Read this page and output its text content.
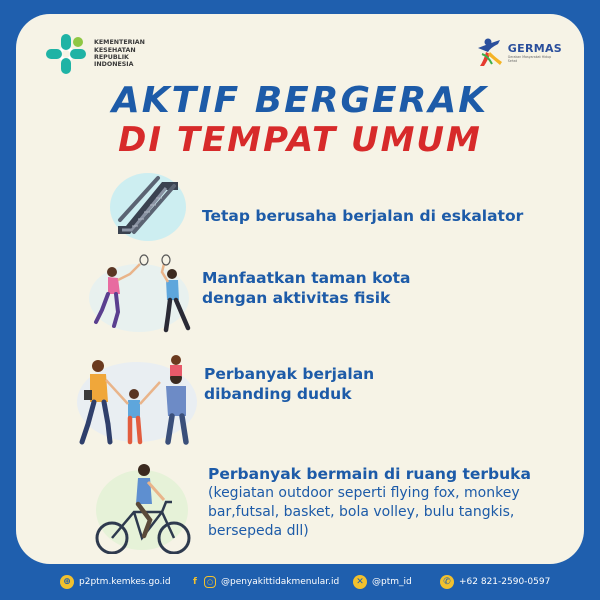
KEMENTERIAN
KESEHATAN
REPUBLIK
INDONESIA
GERMAS
Gerakan Masyarakat Hidup Sehat
AKTIF BERGERAK
DI TEMPAT UMUM
Tetap berusaha berjalan di eskalator
Manfaatkan taman kota
dengan aktivitas fisik
Perbanyak berjalan
dibanding duduk
Perbanyak bermain di ruang terbuka
(kegiatan outdoor seperti flying fox, monkey
bar,futsal, basket, bola volley, bulu tangkis,
bersepeda dll)
⊕ p2ptm.kemkes.go.id	f	○ @penyakittidakmenular.id	✕ @ptm_id	✆ +62 821-2590-0597
